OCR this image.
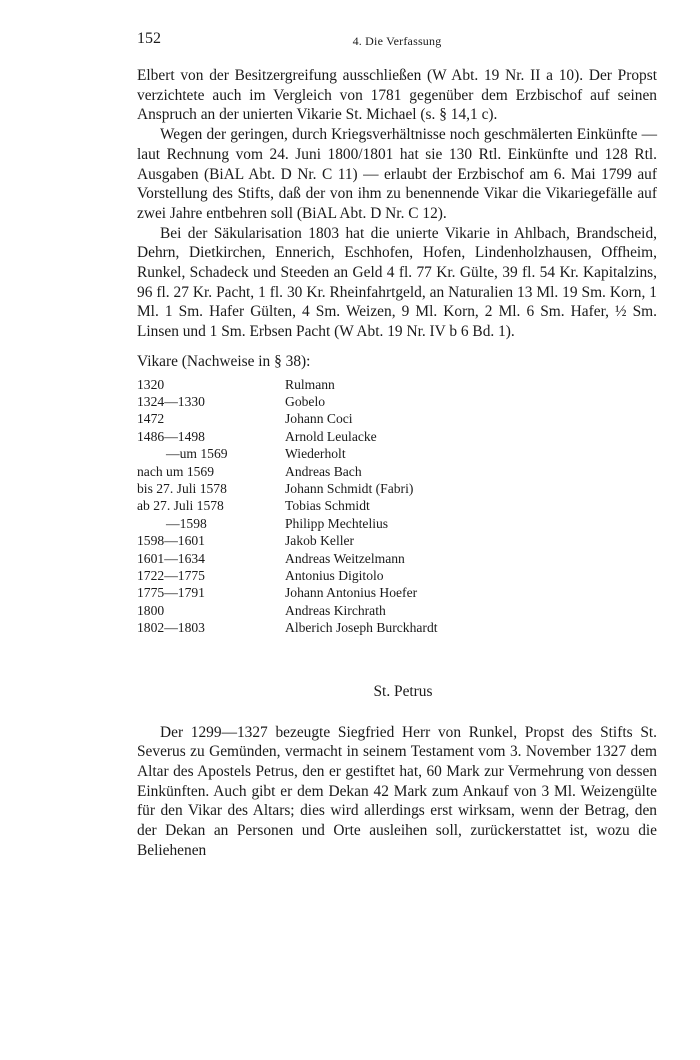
152	4. Die Verfassung

Elbert von der Besitzergreifung ausschließen (W Abt. 19 Nr. II a 10). Der Propst verzichtete auch im Vergleich von 1781 gegenüber dem Erzbischof auf seinen Anspruch an der unierten Vikarie St. Michael (s. § 14,1 c).

Wegen der geringen, durch Kriegsverhältnisse noch geschmälerten Einkünfte — laut Rechnung vom 24. Juni 1800/1801 hat sie 130 Rtl. Einkünfte und 128 Rtl. Ausgaben (BiAL Abt. D Nr. C 11) — erlaubt der Erzbischof am 6. Mai 1799 auf Vorstellung des Stifts, daß der von ihm zu benennende Vikar die Vikariegefälle auf zwei Jahre entbehren soll (BiAL Abt. D Nr. C 12).

Bei der Säkularisation 1803 hat die unierte Vikarie in Ahlbach, Brandscheid, Dehrn, Dietkirchen, Ennerich, Eschhofen, Hofen, Lindenholzhausen, Offheim, Runkel, Schadeck und Steeden an Geld 4 fl. 77 Kr. Gülte, 39 fl. 54 Kr. Kapitalzins, 96 fl. 27 Kr. Pacht, 1 fl. 30 Kr. Rheinfahrtgeld, an Naturalien 13 Ml. 19 Sm. Korn, 1 Ml. 1 Sm. Hafer Gülten, 4 Sm. Weizen, 9 Ml. Korn, 2 Ml. 6 Sm. Hafer, ½ Sm. Linsen und 1 Sm. Erbsen Pacht (W Abt. 19 Nr. IV b 6 Bd. 1).

Vikare (Nachweise in § 38):
1320	Rulmann
1324—1330	Gobelo
1472	Johann Coci
1486—1498	Arnold Leulacke
—um 1569	Wiederholt
nach um 1569	Andreas Bach
bis 27. Juli 1578	Johann Schmidt (Fabri)
ab 27. Juli 1578	Tobias Schmidt
—1598	Philipp Mechtelius
1598—1601	Jakob Keller
1601—1634	Andreas Weitzelmann
1722—1775	Antonius Digitolo
1775—1791	Johann Antonius Hoefer
1800	Andreas Kirchrath
1802—1803	Alberich Joseph Burckhardt
St. Petrus

Der 1299—1327 bezeugte Siegfried Herr von Runkel, Propst des Stifts St. Severus zu Gemünden, vermacht in seinem Testament vom 3. November 1327 dem Altar des Apostels Petrus, den er gestiftet hat, 60 Mark zur Vermehrung von dessen Einkünften. Auch gibt er dem Dekan 42 Mark zum Ankauf von 3 Ml. Weizengülte für den Vikar des Altars; dies wird allerdings erst wirksam, wenn der Betrag, den der Dekan an Personen und Orte ausleihen soll, zurückerstattet ist, wozu die Beliehenen
